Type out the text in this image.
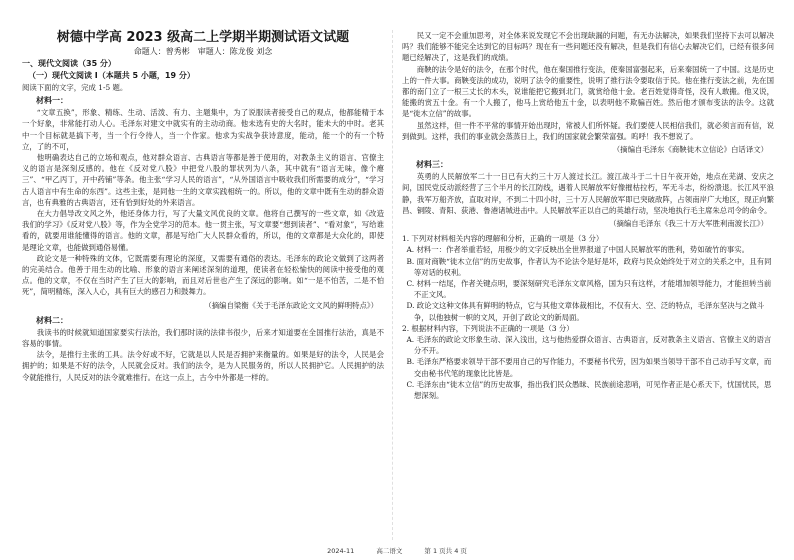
树德中学高 2023 级高二上学期半期测试语文试题
命题人：曾秀彬　审题人：陈龙俊 刘念

一、现代文阅读（35 分）

（一）现代文阅读 I（本题共 5 小题，19 分）

阅读下面的文字，完成 1-5 题。

材料一：

“文章五换”，形象、精练、生动、活泼、有力、主题集中，为了说服读者接受自己的观点，他都能精于本一个好象，非常能打动人心。毛泽东对建文中就实有的主动动商。他未选有史的大名时，能未大的中时。老其中一个目标就是搞下考，当一个行令待人，当一个作家。他求为实战争获诗意度，能动，能一个的有一个特立，了的不可，

他明确表达自己的立场和观点，他对群众语言、古典语言等都是善于使用的，对教条主义的语言、官僚主义的语言是深刻反感的。他在《反对党八股》中把党八股的罪状列为八条，其中就有“语言无味，像个瘪三”、“甲乙丙丁，开中药铺”等条。他主张“学习人民的语言”，“从外国语言中吸收我们所需要的成分”，“学习古人语言中有生命的东西”。这些主张，是同他一生的文章实践相统一的。所以，他的文章中既有生动的群众语言，也有典雅的古典语言，还有恰到好处的外来语言。

在大力倡导改文风之外，他还身体力行，写了大量文风优良的文章。他将自己撰写的一些文章，如《改造我们的学习》《反对党八股》等，作为全党学习的范本。他一贯主张，写文章要“想到读者”、“看对象”，写给谁看的，就要用谁能懂得的语言。他的文章，都是写给广大人民群众看的，所以，他的文章都是大众化的，即使是理论文章，也能做到通俗易懂。

政论文是一种特殊的文体，它既需要有理论的深度，又需要有通俗的表达。毛泽东的政论文做到了这两者的完美结合。他善于用生动的比喻、形象的语言来阐述深刻的道理，使读者在轻松愉快的阅读中接受他的观点。他的文章，不仅在当时产生了巨大的影响，而且对后世也产生了深远的影响。如“一是不怕苦，二是不怕死”，简明精练，深入人心，具有巨大的感召力和鼓舞力。

（摘编自梁衡《关于毛泽东政论文文风的鲜明特点》）

材料二：

我读书的时候就知道国家要实行法治，我们那时读的法律书很少，后来才知道要在全国推行法治，真是不容易的事情。

法令，是推行主张的工具。法令好或不好，它就是以人民是否拥护来衡量的。如果是好的法令，人民是会拥护的；如果是不好的法令，人民就会反对。我们的法令，是为人民服务的，所以人民拥护它。人民拥护的法令就能推行，人民反对的法令就难推行。在这一点上，古今中外都是一样的。

民又一定不会重加思考，对全体来说发现它不会出现缺漏的问题，有无办法解决，如果我们坚持下去可以解决吗？我们能够不能完全达到它的目标吗？现在有一些问题还没有解决，但是我们有信心去解决它们，已经有很多问题已经解决了，这是我们的成绩。

商鞅的法令是好的法令，在那个时代，他在秦国推行变法，使秦国富强起来，后来秦国统一了中国。这是历史上的一件大事。商鞅变法的成功，说明了法令的重要性，说明了推行法令要取信于民。他在推行变法之前，先在国都的南门立了一根三丈长的木头，说谁能把它搬到北门，就赏给他十金。老百姓觉得奇怪，没有人敢搬。他又说，能搬的赏五十金。有一个人搬了，他马上赏给他五十金，以表明他不欺骗百姓。然后他才颁布变法的法令。这就是“徙木立信”的故事。

虽然这样，但一件不平常的事情开始出现时，常被人们所怀疑。我们要使人民相信我们，就必须言而有信，说到做到。这样，我们的事业就会蒸蒸日上，我们的国家就会繁荣富强。呜呼！我不想说了。

（摘编自毛泽东《商鞅徙木立信论》白话译文）

材料三：

英勇的人民解放军二十一日已有大约三十万人渡过长江。渡江战斗于二十日午夜开始，地点在芜湖、安庆之间，国民党反动派经营了三个半月的长江防线，遇着人民解放军好像摧枯拉朽，军无斗志，纷纷溃退。长江风平浪静，我军万船齐放，直取对岸，不到二十四小时，三十万人民解放军即已突破敌阵，占领南岸广大地区，现正向繁昌、铜陵、青阳、荻港、鲁港诸城进击中。人民解放军正以自己的英雄行动，坚决地执行毛主席朱总司令的命令。

（摘编自毛泽东《我三十万大军胜利南渡长江》）

1. 下列对材料相关内容的理解和分析，正确的一项是（3 分）

A. 材料一：作者举重若轻，用极少的文字反映出全世界报道了中国人民解放军的胜利，势如破竹的事实。

B. 面对商鞅“徙木立信”的历史故事，作者认为不论法令是好是坏，政府与民众始终处于对立的关系之中，且有同等对话的权利。

C. 材料一结尾，作者关键点明，要深刻研究毛泽东文章风格，国为只有这样，才能增加领导能力，才能担转当前不正文风。

D. 政论文这种文体具有鲜明的特点，它与其他文章体裁相比，不仅有大、空、泛的特点，毛泽东坚决与之做斗争，以他独树一帜的文风，开创了政论文的新局面。

2. 根据材料内容，下列说法不正确的一项是（3 分）

A. 毛泽东的政论文形象生动、深入浅出，这与他热爱群众语言、古典语言，反对教条主义语言、官僚主义的语言分不开。

B. 毛泽东严格要求领导干部不要用自己的写作能力，不要秘书代劳，因为如果当领导干部不自己动手写文章，而交由秘书代笔的现象比比皆是。

C. 毛泽东由“徙木立信”的历史故事，指出我们民众愚昧、民族前途悲哨，可见作者正是心系天下，忧国忧民，思想深刻。

2024-11	高二语文	第 1 页共 4 页
